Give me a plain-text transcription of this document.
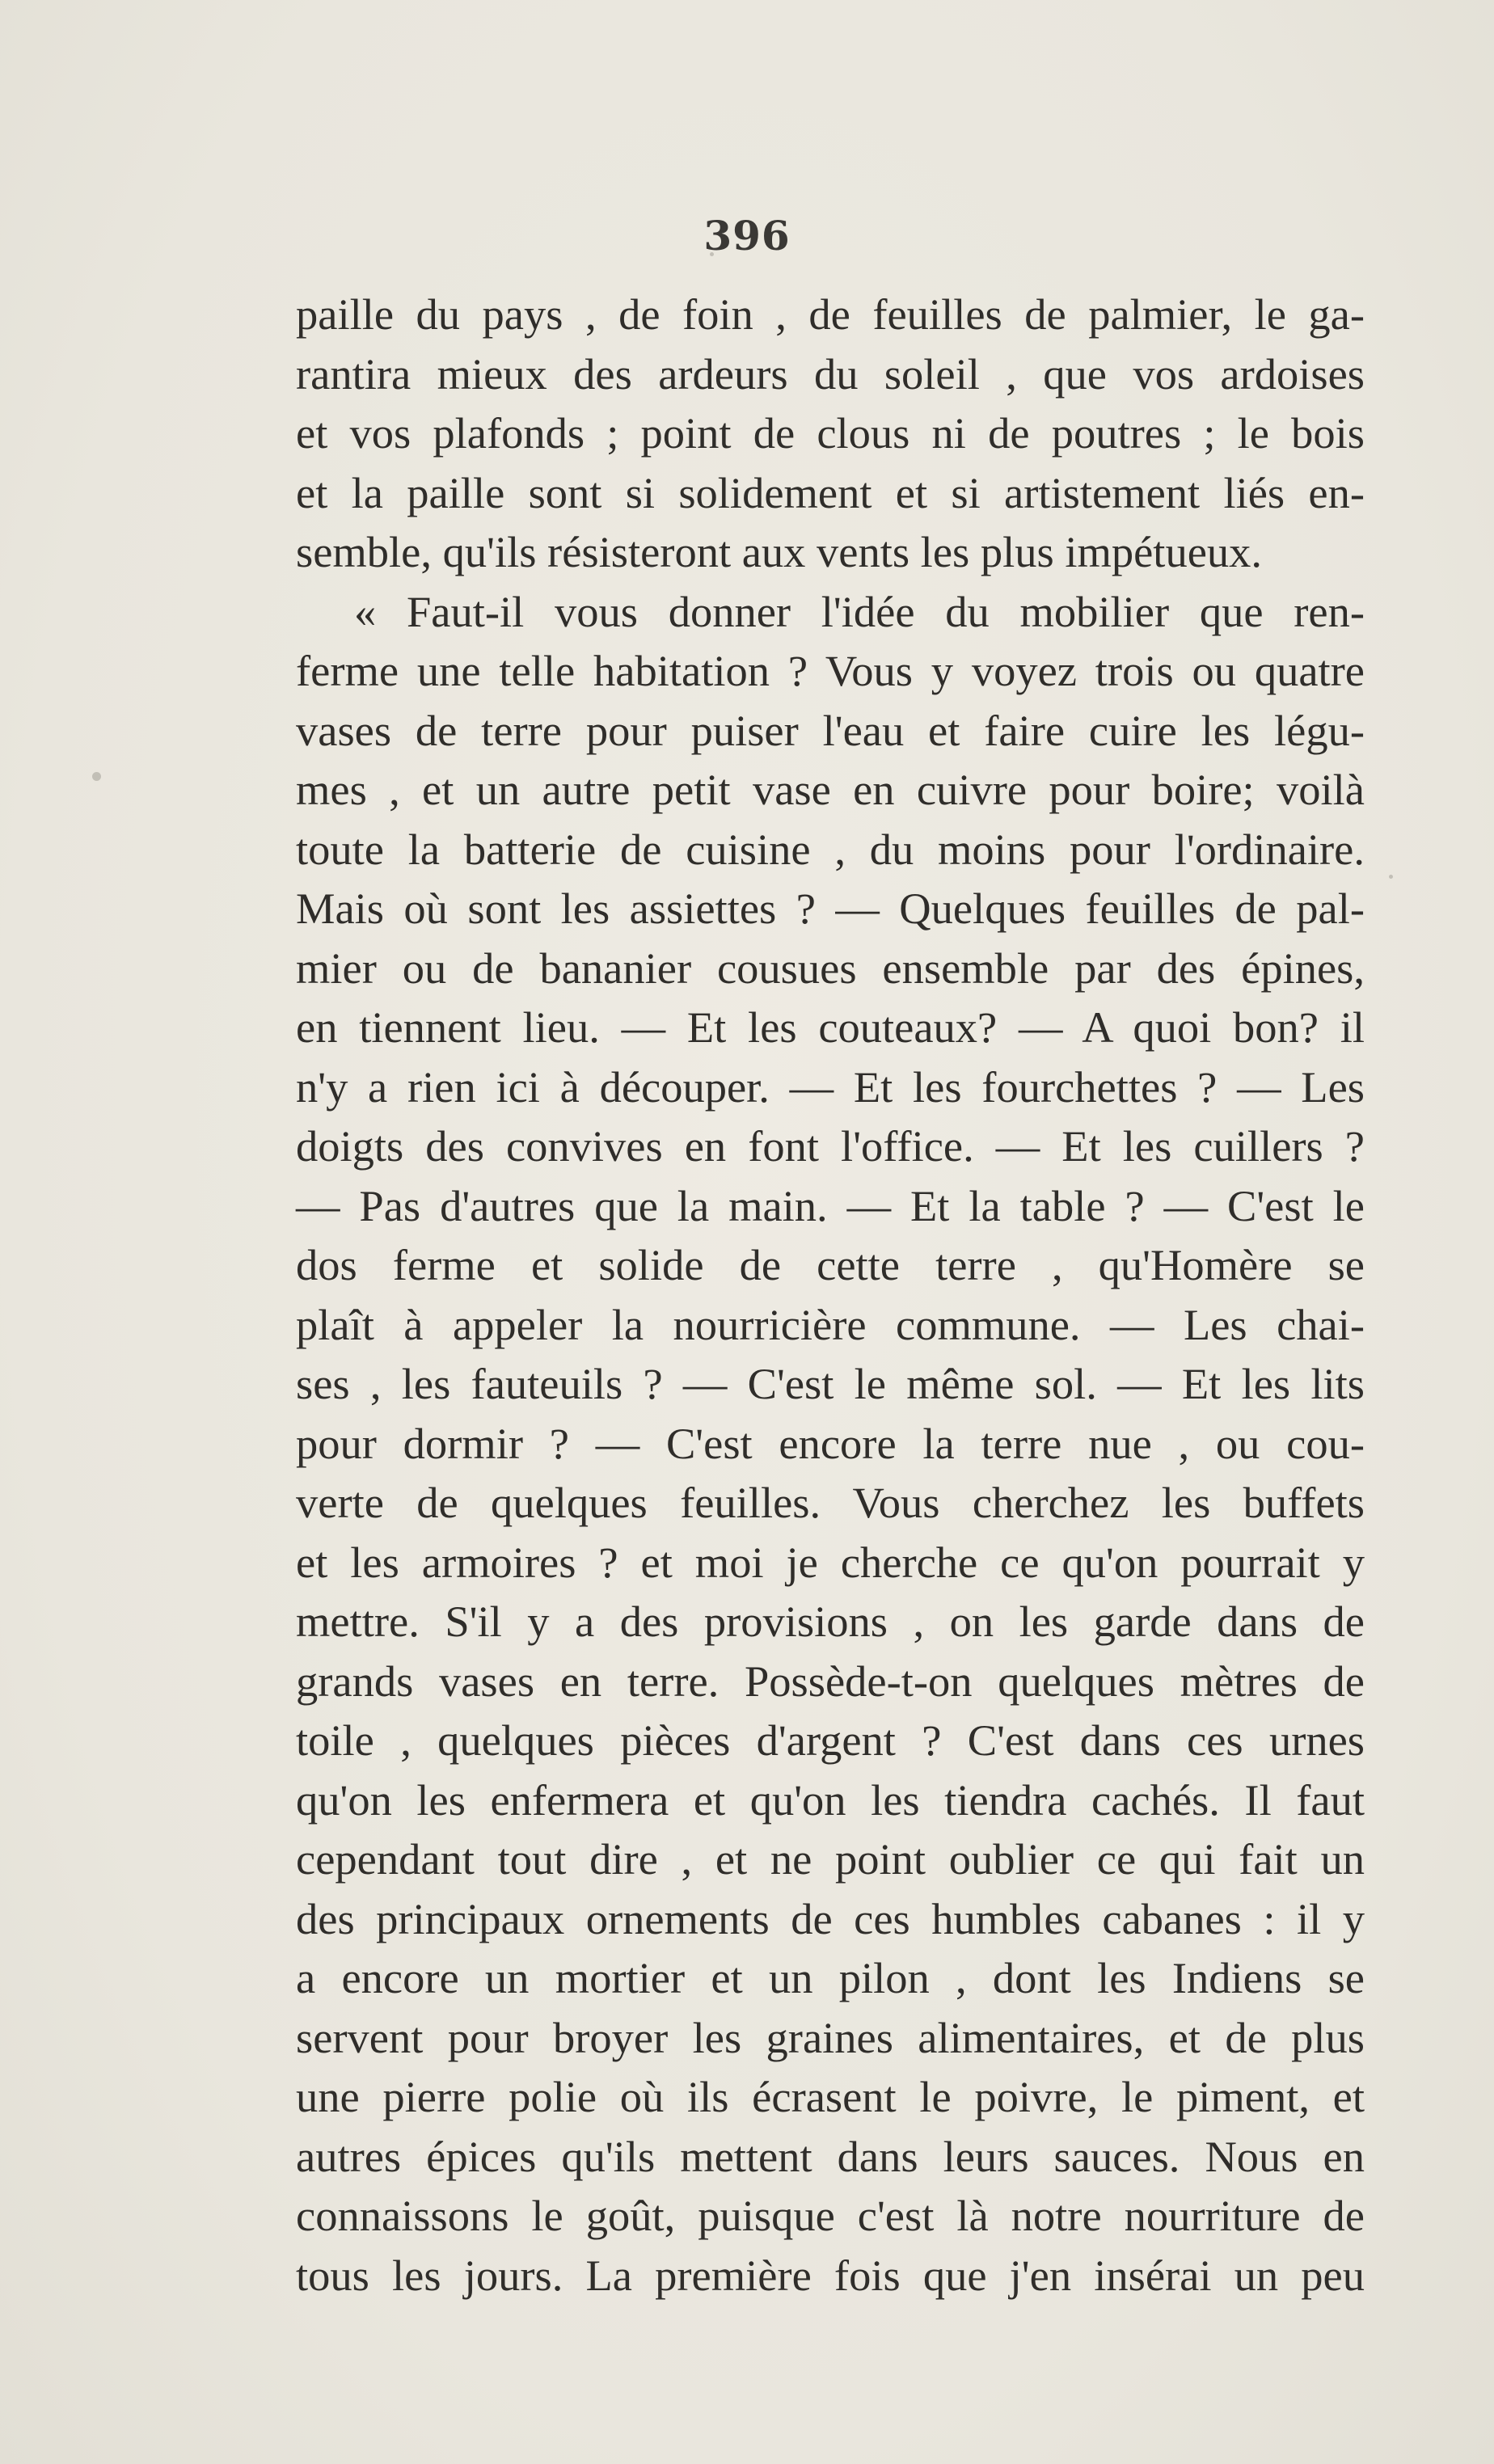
396
paille du pays , de foin , de feuilles de palmier, le ga-
rantira mieux des ardeurs du soleil , que vos ardoises
et vos plafonds ; point de clous ni de poutres ; le bois
et la paille sont si solidement et si artistement liés en-
semble, qu'ils résisteront aux vents les plus impétueux.
« Faut-il vous donner l'idée du mobilier que ren-
ferme une telle habitation ? Vous y voyez trois ou quatre
vases de terre pour puiser l'eau et faire cuire les légu-
mes , et un autre petit vase en cuivre pour boire; voilà
toute la batterie de cuisine , du moins pour l'ordinaire.
Mais où sont les assiettes ? — Quelques feuilles de pal-
mier ou de bananier cousues ensemble par des épines,
en tiennent lieu. — Et les couteaux? — A quoi bon? il
n'y a rien ici à découper. — Et les fourchettes ? — Les
doigts des convives en font l'office. — Et les cuillers ?
— Pas d'autres que la main. — Et la table ? — C'est le
dos ferme et solide de cette terre , qu'Homère se
plaît à appeler la nourricière commune. — Les chai-
ses , les fauteuils ? — C'est le même sol. — Et les lits
pour dormir ? — C'est encore la terre nue , ou cou-
verte de quelques feuilles. Vous cherchez les buffets
et les armoires ? et moi je cherche ce qu'on pourrait y
mettre. S'il y a des provisions , on les garde dans de
grands vases en terre. Possède-t-on quelques mètres de
toile , quelques pièces d'argent ? C'est dans ces urnes
qu'on les enfermera et qu'on les tiendra cachés. Il faut
cependant tout dire , et ne point oublier ce qui fait un
des principaux ornements de ces humbles cabanes : il y
a encore un mortier et un pilon , dont les Indiens se
servent pour broyer les graines alimentaires, et de plus
une pierre polie où ils écrasent le poivre, le piment, et
autres épices qu'ils mettent dans leurs sauces. Nous en
connaissons le goût, puisque c'est là notre nourriture de
tous les jours. La première fois que j'en insérai un peu
